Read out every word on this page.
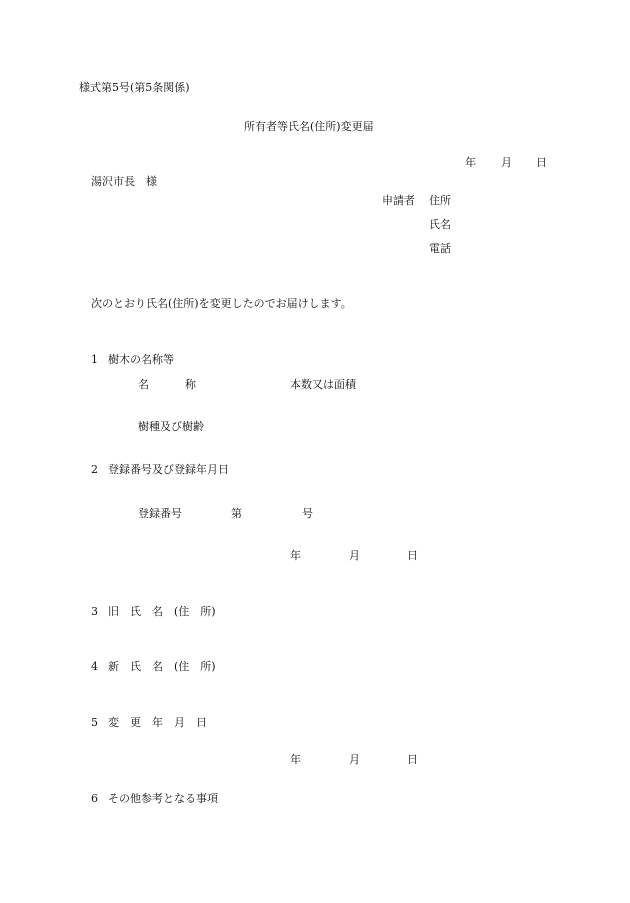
様式第5号(第5条関係)
所有者等氏名(住所)変更届
年 月 日
湯沢市長　様
申請者 住所
氏名
電話
次のとおり氏名(住所)を変更したのでお届けします。
1 樹木の名称等
名	称	本数又は面積
樹種及び樹齢
2 登録番号及び登録年月日
登録番号	第	号
年	月	日
3 旧　氏　名　(住　所)
4 新　氏　名　(住　所)
5 変　更　年　月　日
年	月	日
6 その他参考となる事項
